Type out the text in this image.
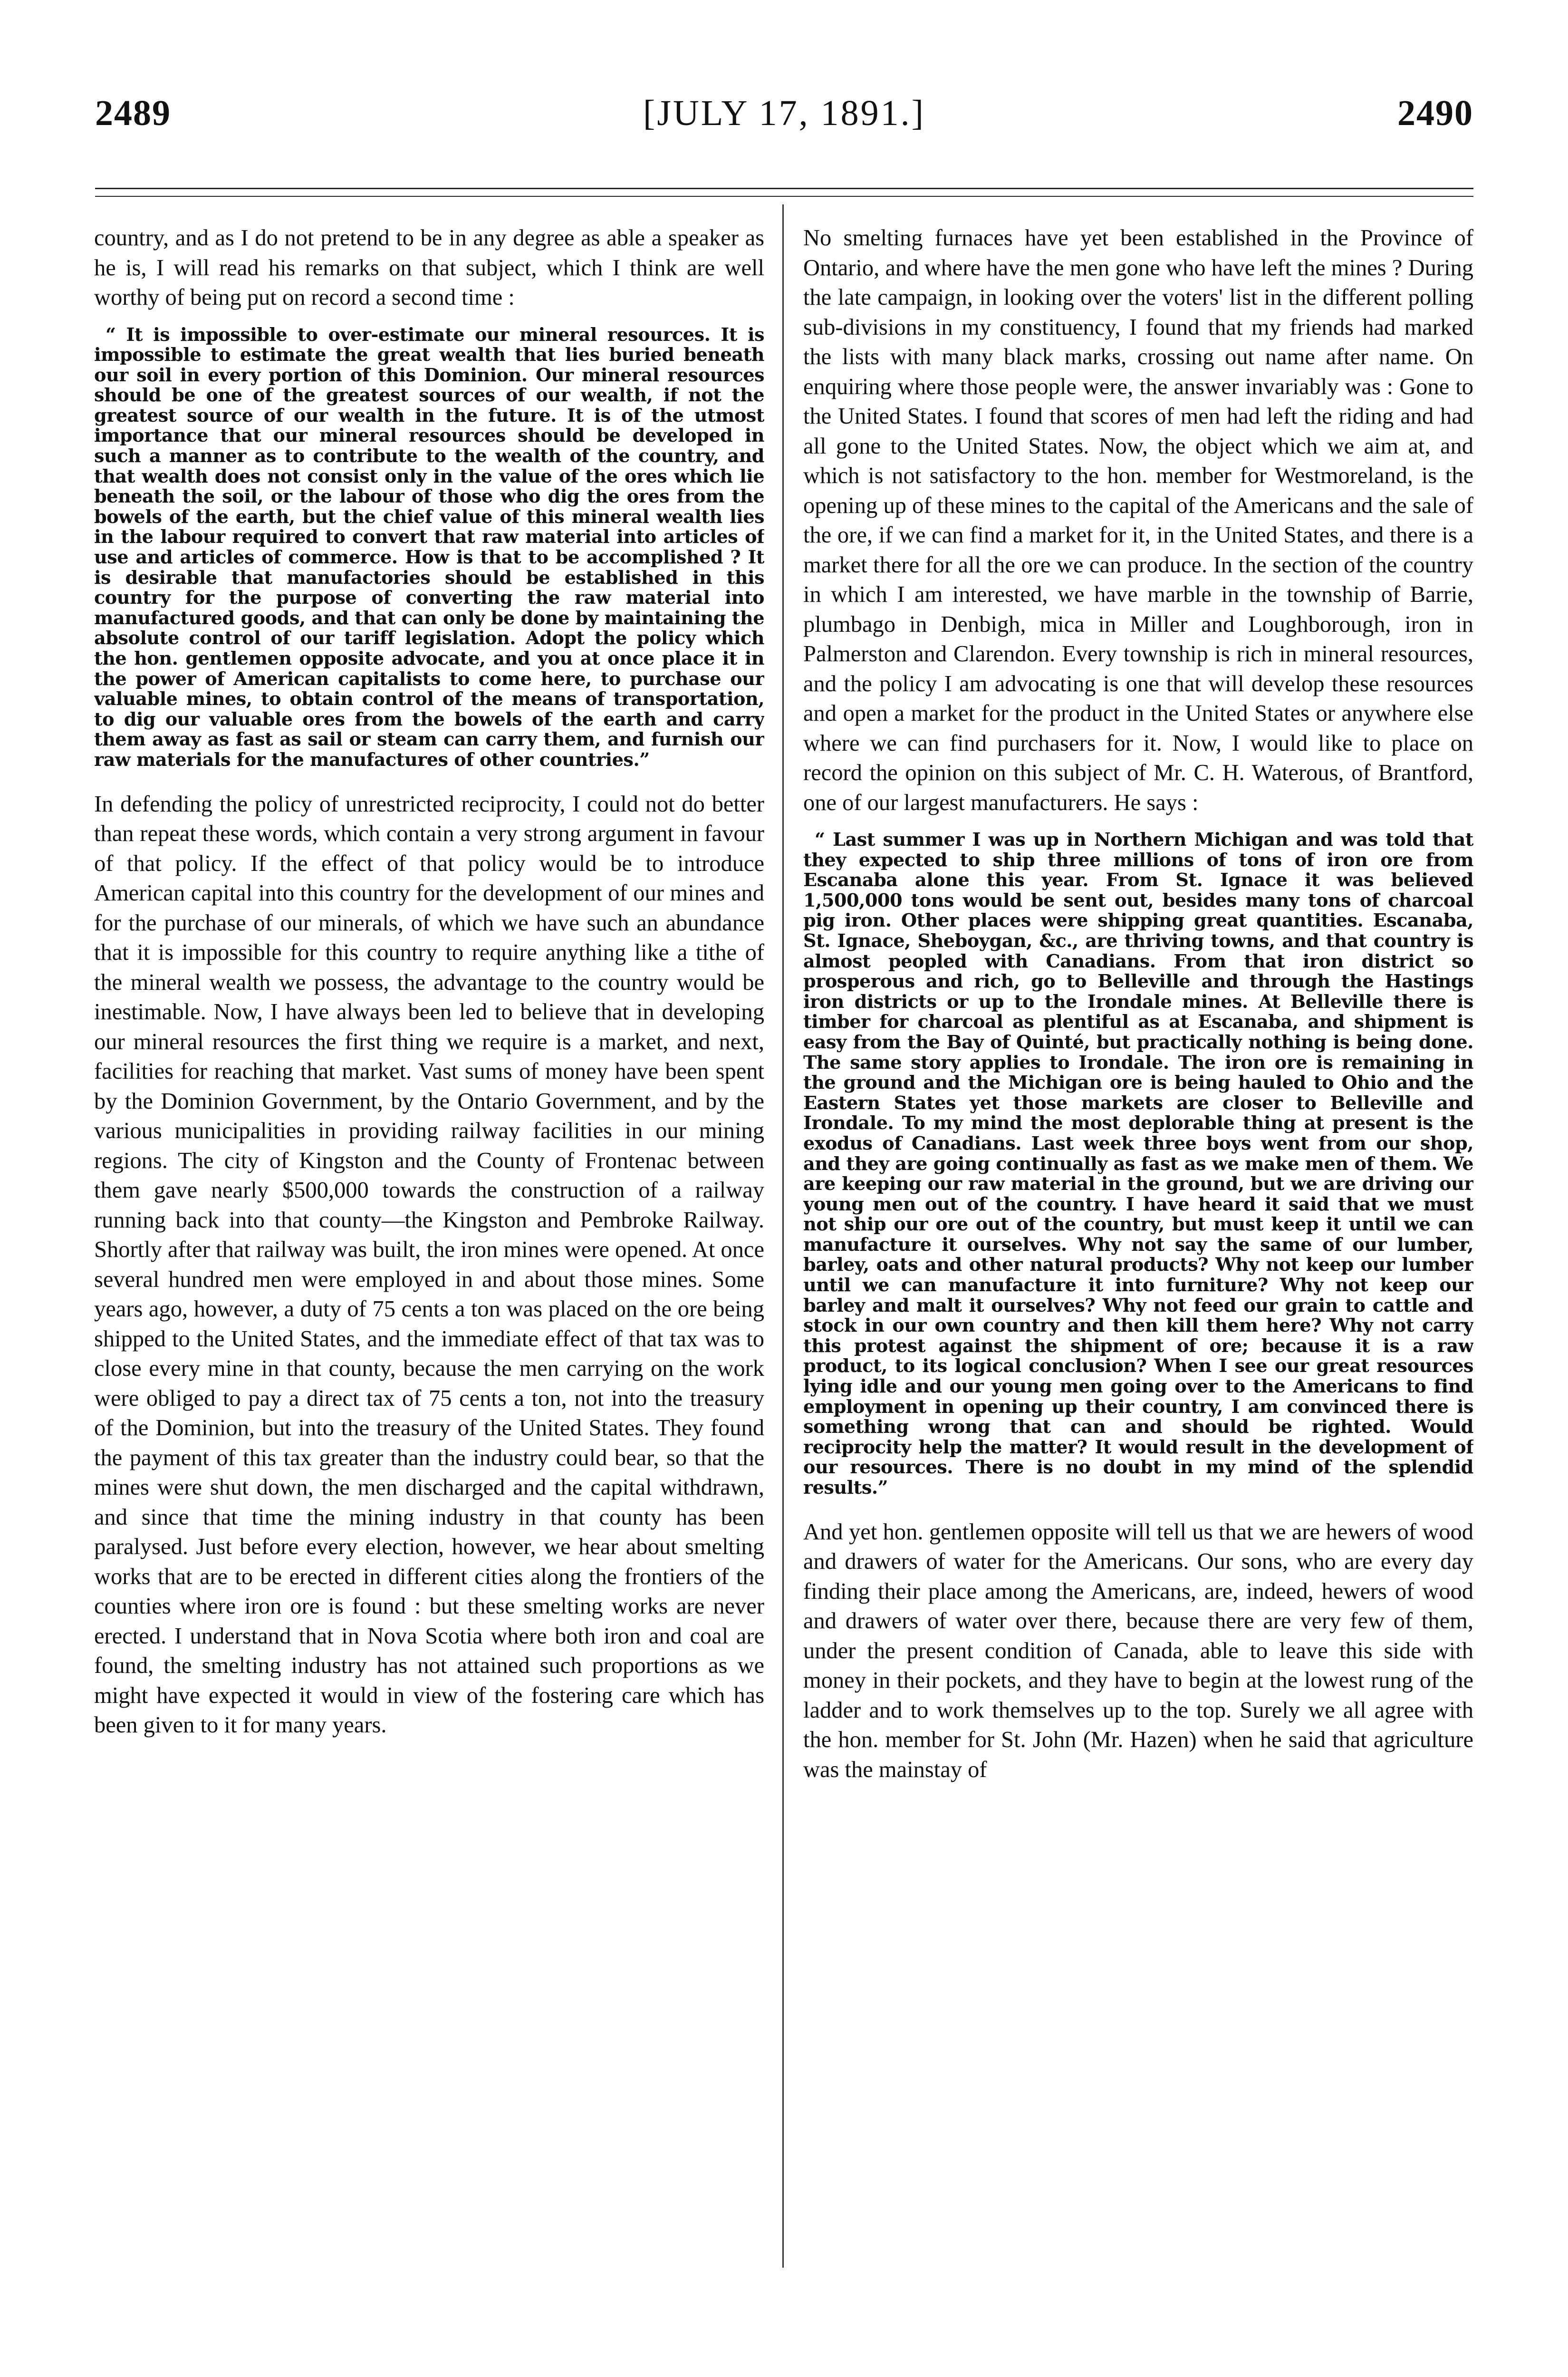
2489	[JULY 17, 1891.]	2490

country, and as I do not pretend to be in any degree as able a speaker as he is, I will read his remarks on that subject, which I think are well worthy of being put on record a second time :

“ It is impossible to over-estimate our mineral resources. It is impossible to estimate the great wealth that lies buried beneath our soil in every portion of this Dominion. Our mineral resources should be one of the greatest sources of our wealth, if not the greatest source of our wealth in the future. It is of the utmost importance that our mineral resources should be developed in such a manner as to contribute to the wealth of the country, and that wealth does not consist only in the value of the ores which lie beneath the soil, or the labour of those who dig the ores from the bowels of the earth, but the chief value of this mineral wealth lies in the labour required to convert that raw material into articles of use and articles of commerce. How is that to be accomplished ? It is desirable that manufactories should be established in this country for the purpose of converting the raw material into manufactured goods, and that can only be done by maintaining the absolute control of our tariff legislation. Adopt the policy which the hon. gentlemen opposite advocate, and you at once place it in the power of American capitalists to come here, to purchase our valuable mines, to obtain control of the means of transportation, to dig our valuable ores from the bowels of the earth and carry them away as fast as sail or steam can carry them, and furnish our raw materials for the manufactures of other countries.”

In defending the policy of unrestricted reciprocity, I could not do better than repeat these words, which contain a very strong argument in favour of that policy. If the effect of that policy would be to introduce American capital into this country for the development of our mines and for the purchase of our minerals, of which we have such an abundance that it is impossible for this country to require anything like a tithe of the mineral wealth we possess, the advantage to the country would be inestimable. Now, I have always been led to believe that in developing our mineral resources the first thing we require is a market, and next, facilities for reaching that market. Vast sums of money have been spent by the Dominion Government, by the Ontario Government, and by the various municipalities in providing railway facilities in our mining regions. The city of Kingston and the County of Frontenac between them gave nearly $500,000 towards the construction of a railway running back into that county—the Kingston and Pembroke Railway. Shortly after that railway was built, the iron mines were opened. At once several hundred men were employed in and about those mines. Some years ago, however, a duty of 75 cents a ton was placed on the ore being shipped to the United States, and the immediate effect of that tax was to close every mine in that county, because the men carrying on the work were obliged to pay a direct tax of 75 cents a ton, not into the treasury of the Dominion, but into the treasury of the United States. They found the payment of this tax greater than the industry could bear, so that the mines were shut down, the men discharged and the capital withdrawn, and since that time the mining industry in that county has been paralysed. Just before every election, however, we hear about smelting works that are to be erected in different cities along the frontiers of the counties where iron ore is found : but these smelting works are never erected. I understand that in Nova Scotia where both iron and coal are found, the smelting industry has not attained such proportions as we might have expected it would in view of the fostering care which has been given to it for many years.

No smelting furnaces have yet been established in the Province of Ontario, and where have the men gone who have left the mines ? During the late campaign, in looking over the voters' list in the different polling sub-divisions in my constituency, I found that my friends had marked the lists with many black marks, crossing out name after name. On enquiring where those people were, the answer invariably was : Gone to the United States. I found that scores of men had left the riding and had all gone to the United States. Now, the object which we aim at, and which is not satisfactory to the hon. member for Westmoreland, is the opening up of these mines to the capital of the Americans and the sale of the ore, if we can find a market for it, in the United States, and there is a market there for all the ore we can produce. In the section of the country in which I am interested, we have marble in the township of Barrie, plumbago in Denbigh, mica in Miller and Loughborough, iron in Palmerston and Clarendon. Every township is rich in mineral resources, and the policy I am advocating is one that will develop these resources and open a market for the product in the United States or anywhere else where we can find purchasers for it. Now, I would like to place on record the opinion on this subject of Mr. C. H. Waterous, of Brantford, one of our largest manufacturers. He says :

“ Last summer I was up in Northern Michigan and was told that they expected to ship three millions of tons of iron ore from Escanaba alone this year. From St. Ignace it was believed 1,500,000 tons would be sent out, besides many tons of charcoal pig iron. Other places were shipping great quantities. Escanaba, St. Ignace, Sheboygan, &c., are thriving towns, and that country is almost peopled with Canadians. From that iron district so prosperous and rich, go to Belleville and through the Hastings iron districts or up to the Irondale mines. At Belleville there is timber for charcoal as plentiful as at Escanaba, and shipment is easy from the Bay of Quinté, but practically nothing is being done. The same story applies to Irondale. The iron ore is remaining in the ground and the Michigan ore is being hauled to Ohio and the Eastern States yet those markets are closer to Belleville and Irondale. To my mind the most deplorable thing at present is the exodus of Canadians. Last week three boys went from our shop, and they are going continually as fast as we make men of them. We are keeping our raw material in the ground, but we are driving our young men out of the country. I have heard it said that we must not ship our ore out of the country, but must keep it until we can manufacture it ourselves. Why not say the same of our lumber, barley, oats and other natural products? Why not keep our lumber until we can manufacture it into furniture? Why not keep our barley and malt it ourselves? Why not feed our grain to cattle and stock in our own country and then kill them here? Why not carry this protest against the shipment of ore; because it is a raw product, to its logical conclusion? When I see our great resources lying idle and our young men going over to the Americans to find employment in opening up their country, I am convinced there is something wrong that can and should be righted. Would reciprocity help the matter? It would result in the development of our resources. There is no doubt in my mind of the splendid results.”

And yet hon. gentlemen opposite will tell us that we are hewers of wood and drawers of water for the Americans. Our sons, who are every day finding their place among the Americans, are, indeed, hewers of wood and drawers of water over there, because there are very few of them, under the present condition of Canada, able to leave this side with money in their pockets, and they have to begin at the lowest rung of the ladder and to work themselves up to the top. Surely we all agree with the hon. member for St. John (Mr. Hazen) when he said that agriculture was the mainstay of
